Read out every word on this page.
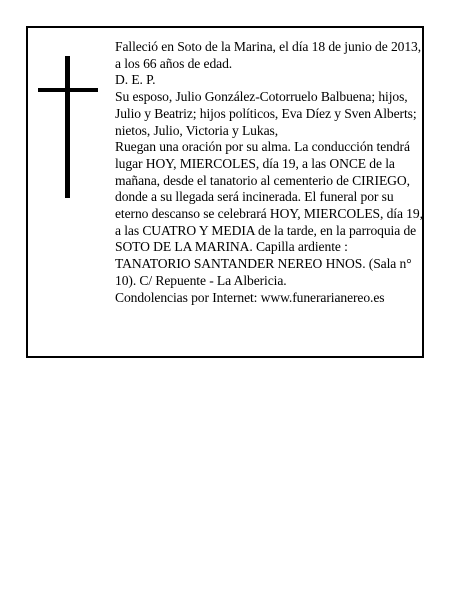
Falleció en Soto de la Marina, el día 18 de junio de 2013, a los 66 años de edad.

D. E. P.

Su esposo, Julio González-Cotorruelo Balbuena; hijos, Julio y Beatriz; hijos políticos, Eva Díez y Sven Alberts; nietos, Julio, Victoria y Lukas,

Ruegan una oración por su alma. La conducción tendrá lugar HOY, MIERCOLES, día 19, a las ONCE de la mañana, desde el tanatorio al cementerio de CIRIEGO, donde a su llegada será incinerada. El funeral por su eterno descanso se celebrará HOY, MIERCOLES, día 19, a las CUATRO Y MEDIA de la tarde, en la parroquia de SOTO DE LA MARINA. Capilla ardiente : TANATORIO SANTANDER NEREO HNOS. (Sala n° 10). C/ Repuente - La Albericia.

Condolencias por Internet: www.funerarianereo.es
